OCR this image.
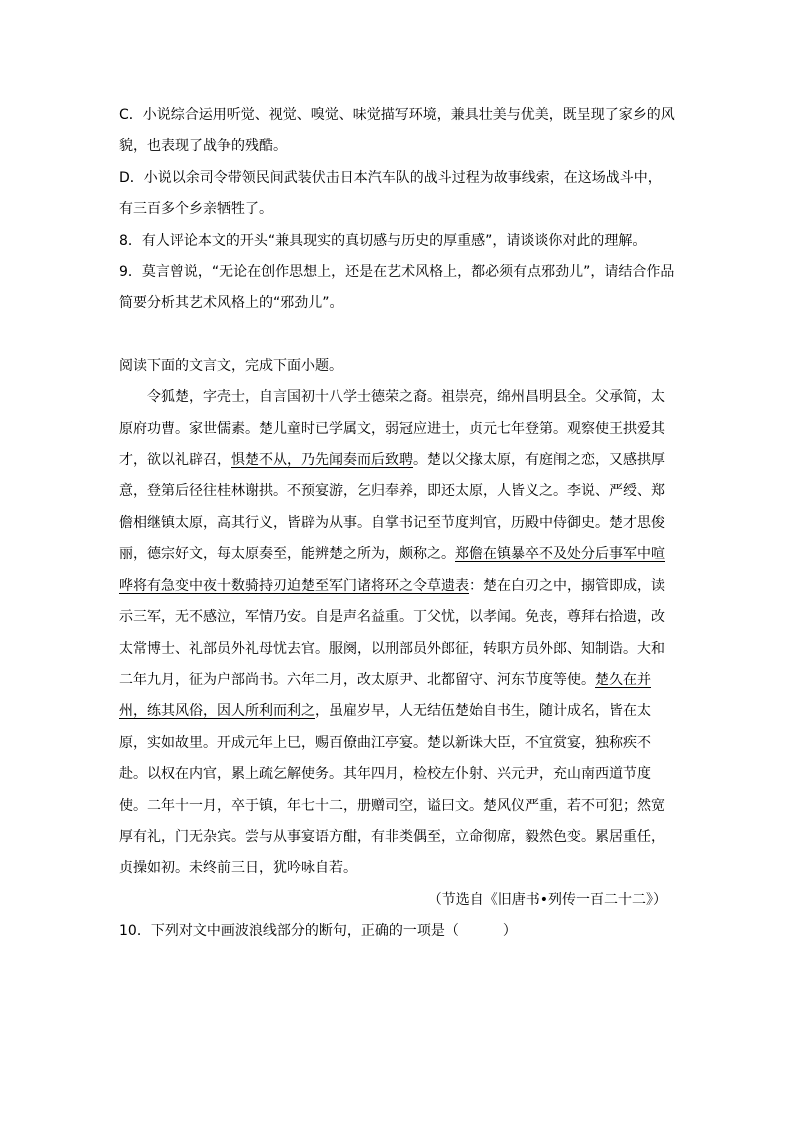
C．小说综合运用听觉、视觉、嗅觉、味觉描写环境，兼具壮美与优美，既呈现了家乡的风貌，也表现了战争的残酷。

D．小说以余司令带领民间武装伏击日本汽车队的战斗过程为故事线索，在这场战斗中，有三百多个乡亲牺牲了。

8．有人评论本文的开头“兼具现实的真切感与历史的厚重感”，请谈谈你对此的理解。

9．莫言曾说，“无论在创作思想上，还是在艺术风格上，都必须有点邪劲儿”，请结合作品简要分析其艺术风格上的“邪劲儿”。

阅读下面的文言文，完成下面小题。

令狐楚，字壳士，自言国初十八学士德荣之裔。祖崇亮，绵州昌明县全。父承简，太原府功曹。家世儒素。楚儿童时已学属文，弱冠应进士，贞元七年登第。观察使王拱爱其才，欲以礼辟召，惧楚不从，乃先闻奏而后致聘。楚以父掾太原，有庭闱之恋，又感拱厚意，登第后径往桂林谢拱。不预宴游，乞归奉养，即还太原，人皆义之。李说、严绶、郑儋相继镇太原，高其行义，皆辟为从事。自掌书记至节度判官，历殿中侍御史。楚才思俊丽，德宗好文，每太原奏至，能辨楚之所为，颇称之。郑儋在镇暴卒不及处分后事军中喧哗将有急变中夜十数骑持刃迫楚至军门诸将环之令草遗表：楚在白刃之中，搦管即成，读示三军，无不感泣，军情乃安。自是声名益重。丁父忧，以孝闻。免丧，尊拜右拾遗，改太常博士、礼部员外礼母忧去官。服阕，以刑部员外郎征，转职方员外郎、知制诰。大和二年九月，征为户部尚书。六年二月，改太原尹、北都留守、河东节度等使。楚久在并州，练其风俗，因人所利而利之，虽雇岁早，人无结伍楚始自书生，随计成名，皆在太原，实如故里。开成元年上巳，赐百僚曲江亭宴。楚以新诛大臣，不宜赏宴，独称疾不赴。以权在内官，累上疏乞解使务。其年四月，检校左仆射、兴元尹，充山南西道节度使。二年十一月，卒于镇，年七十二，册赠司空，谥曰文。楚风仪严重，若不可犯；然宽厚有礼，门无杂宾。尝与从事宴语方酣，有非类偶至，立命彻席，毅然色变。累居重任，贞操如初。未终前三日，犹吟咏自若。

（节选自《旧唐书•列传一百二十二》）

10．下列对文中画波浪线部分的断句，正确的一项是（	）
